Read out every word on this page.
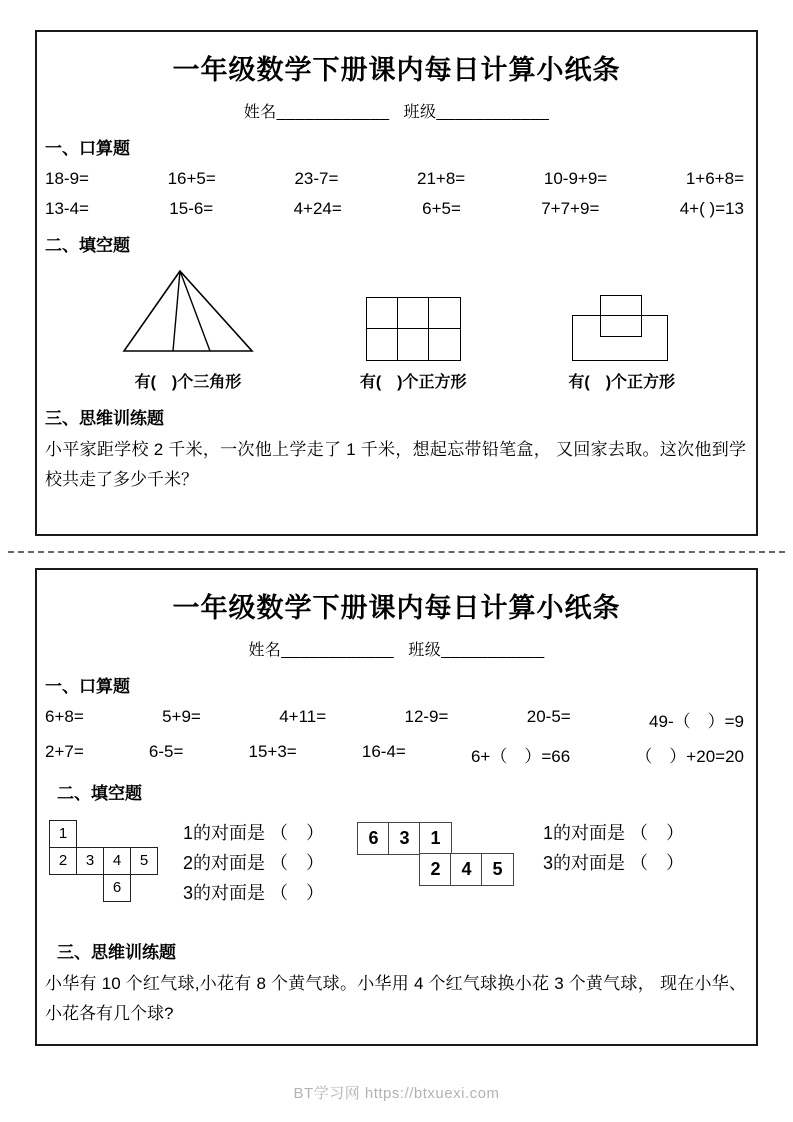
一年级数学下册课内每日计算小纸条
姓名____________ 班级____________
一、口算题
18-9=	16+5=	23-7=	21+8=	10-9+9=	1+6+8=
13-4=	15-6=	4+24=	6+5=	7+7+9=	4+( )=13
二、填空题
有(　)个三角形	有(　)个正方形	有(　)个正方形
三、思维训练题
小平家距学校 2 千米，一次他上学走了 1 千米，想起忘带铅笔盒， 又回家去取。这次他到学校共走了多少千米？
一年级数学下册课内每日计算小纸条
姓名____________ 班级___________
一、口算题
6+8=	5+9=	4+11=	12-9=	20-5=	49-（　）=9
2+7=	6-5=	15+3=	16-4=	6+（　）=66	（　）+20=20
二、填空题
1
2	3	4	5
6
1的对面是 （　）
2的对面是 （　）
3的对面是 （　）
6	3	1
2	4	5
1的对面是 （　）
3的对面是 （　）
三、思维训练题
小华有 10 个红气球,小花有 8 个黄气球。小华用 4 个红气球换小花 3 个黄气球， 现在小华、小花各有几个球?
BT学习网 https://btxuexi.com
